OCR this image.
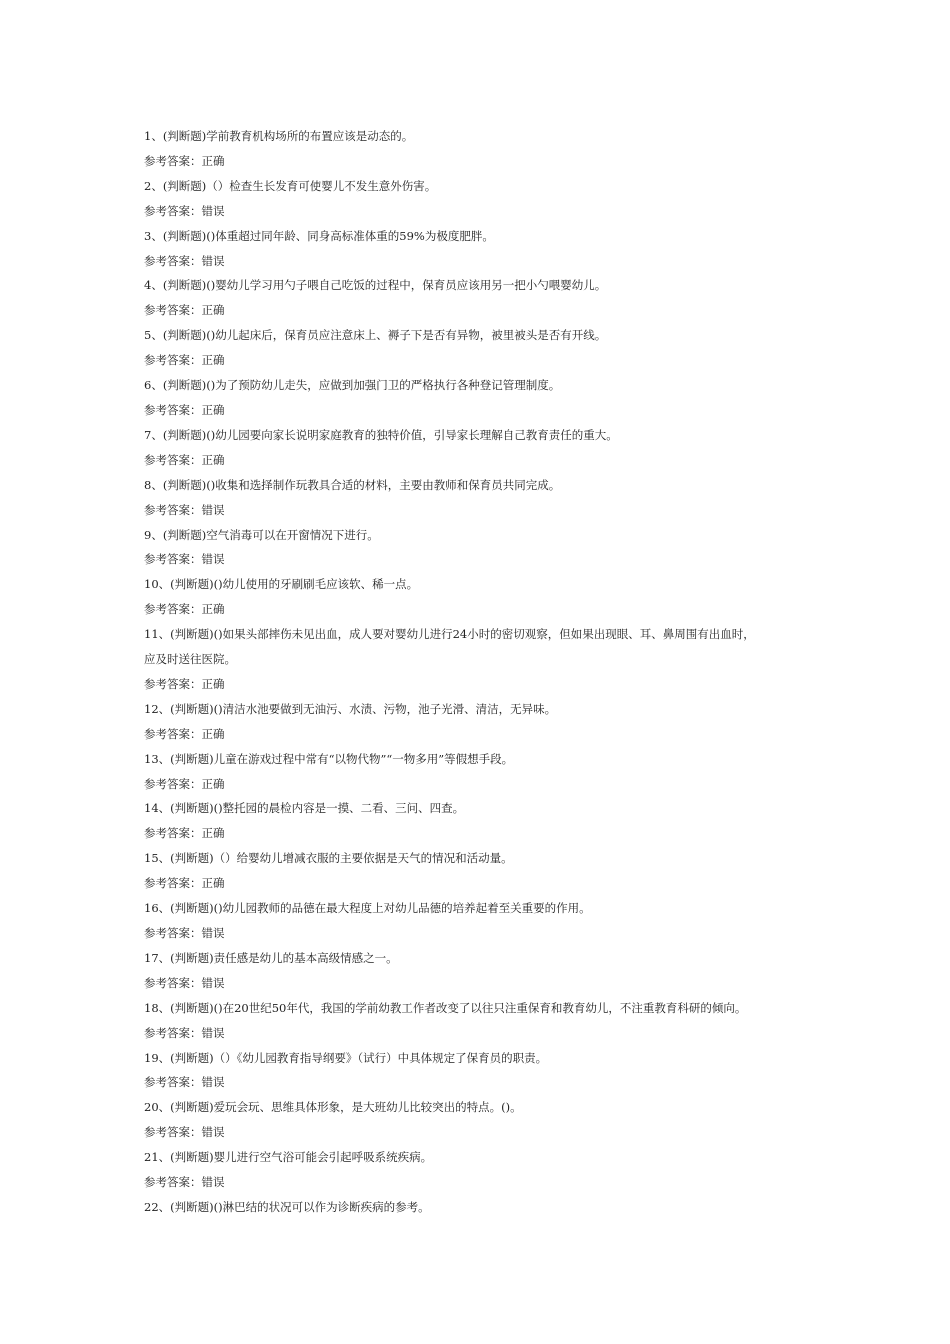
1、(判断题)学前教育机构场所的布置应该是动态的。
参考答案：正确
2、(判断题)（）检查生长发育可使婴儿不发生意外伤害。
参考答案：错误
3、(判断题)()体重超过同年龄、同身高标准体重的59%为极度肥胖。
参考答案：错误
4、(判断题)()婴幼儿学习用勺子喂自己吃饭的过程中，保育员应该用另一把小勺喂婴幼儿。
参考答案：正确
5、(判断题)()幼儿起床后，保育员应注意床上、褥子下是否有异物，被里被头是否有开线。
参考答案：正确
6、(判断题)()为了预防幼儿走失，应做到加强门卫的严格执行各种登记管理制度。
参考答案：正确
7、(判断题)()幼儿园要向家长说明家庭教育的独特价值，引导家长理解自己教育责任的重大。
参考答案：正确
8、(判断题)()收集和选择制作玩教具合适的材料，主要由教师和保育员共同完成。
参考答案：错误
9、(判断题)空气消毒可以在开窗情况下进行。
参考答案：错误
10、(判断题)()幼儿使用的牙刷刷毛应该软、稀一点。
参考答案：正确
11、(判断题)()如果头部摔伤未见出血，成人要对婴幼儿进行24小时的密切观察，但如果出现眼、耳、鼻周围有出血时，
应及时送往医院。
参考答案：正确
12、(判断题)()清洁水池要做到无油污、水渍、污物，池子光滑、清洁，无异味。
参考答案：正确
13、(判断题)儿童在游戏过程中常有“以物代物”“一物多用”等假想手段。
参考答案：正确
14、(判断题)()整托园的晨检内容是一摸、二看、三问、四查。
参考答案：正确
15、(判断题)（）给婴幼儿增减衣服的主要依据是天气的情况和活动量。
参考答案：正确
16、(判断题)()幼儿园教师的品德在最大程度上对幼儿品德的培养起着至关重要的作用。
参考答案：错误
17、(判断题)责任感是幼儿的基本高级情感之一。
参考答案：错误
18、(判断题)()在20世纪50年代，我国的学前幼教工作者改变了以往只注重保育和教育幼儿，不注重教育科研的倾向。
参考答案：错误
19、(判断题)（）《幼儿园教育指导纲要》（试行）中具体规定了保育员的职责。
参考答案：错误
20、(判断题)爱玩会玩、思维具体形象，是大班幼儿比较突出的特点。()。
参考答案：错误
21、(判断题)婴儿进行空气浴可能会引起呼吸系统疾病。
参考答案：错误
22、(判断题)()淋巴结的状况可以作为诊断疾病的参考。
